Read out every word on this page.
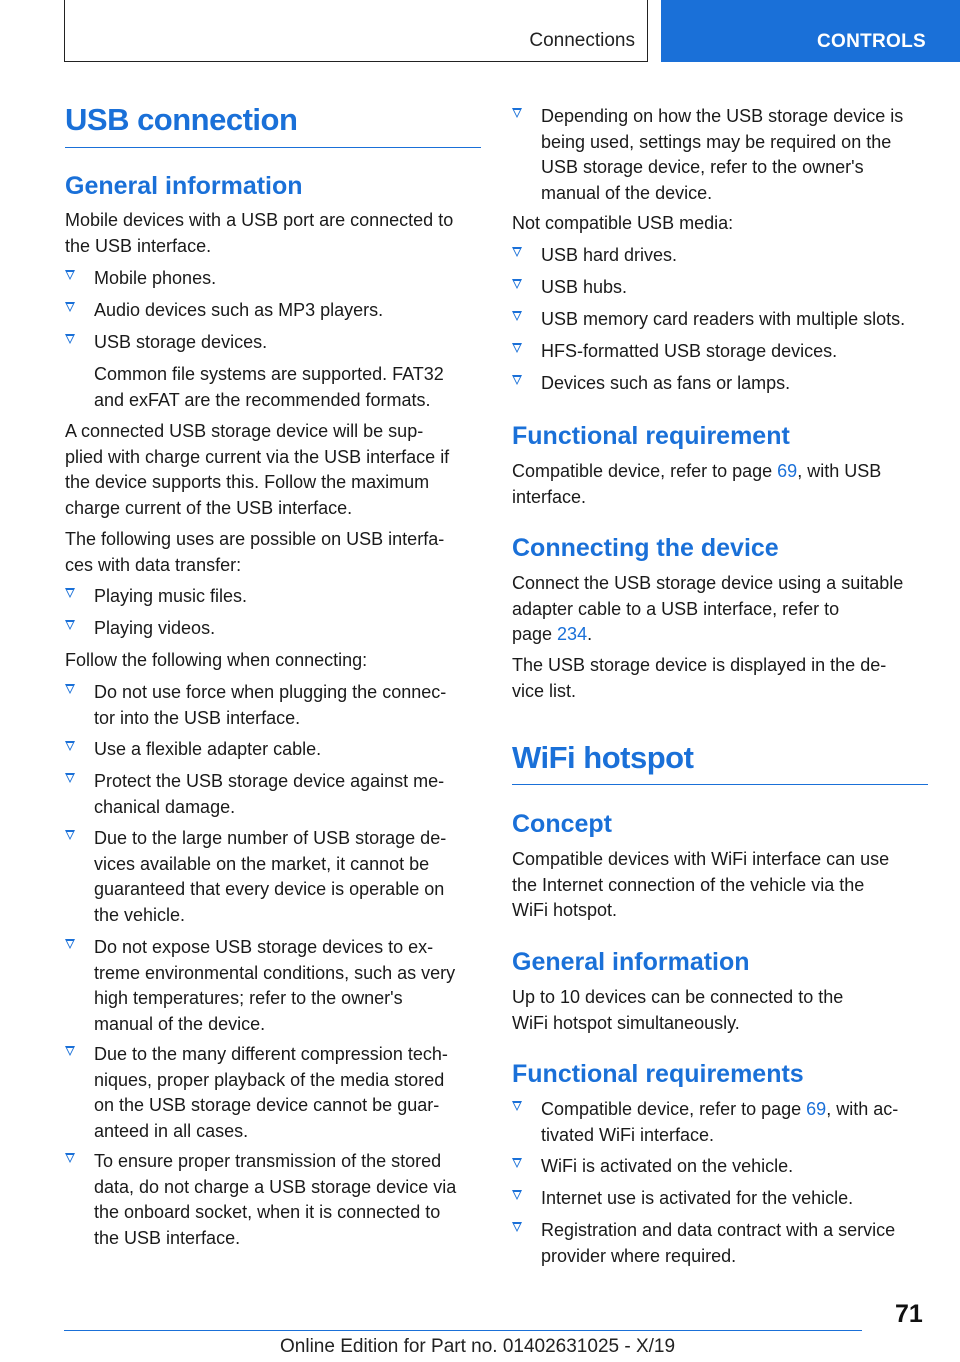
Connections	CONTROLS
USB connection
General information

Mobile devices with a USB port are connected to
the USB interface.

Mobile phones.
Audio devices such as MP3 players.
USB storage devices.
Common file systems are supported. FAT32
and exFAT are the recommended formats.

A connected USB storage device will be sup-
plied with charge current via the USB interface if
the device supports this. Follow the maximum
charge current of the USB interface.

The following uses are possible on USB interfa-
ces with data transfer:

Playing music files.
Playing videos.

Follow the following when connecting:

Do not use force when plugging the connec-
tor into the USB interface.
Use a flexible adapter cable.
Protect the USB storage device against me-
chanical damage.
Due to the large number of USB storage de-
vices available on the market, it cannot be
guaranteed that every device is operable on
the vehicle.
Do not expose USB storage devices to ex-
treme environmental conditions, such as very
high temperatures; refer to the owner's
manual of the device.
Due to the many different compression tech-
niques, proper playback of the media stored
on the USB storage device cannot be guar-
anteed in all cases.
To ensure proper transmission of the stored
data, do not charge a USB storage device via
the onboard socket, when it is connected to
the USB interface.
Depending on how the USB storage device is
being used, settings may be required on the
USB storage device, refer to the owner's
manual of the device.

Not compatible USB media:

USB hard drives.
USB hubs.
USB memory card readers with multiple slots.
HFS-formatted USB storage devices.
Devices such as fans or lamps.
Functional requirement

Compatible device, refer to page 69, with USB
interface.

Connecting the device

Connect the USB storage device using a suitable
adapter cable to a USB interface, refer to
page 234.

The USB storage device is displayed in the de-
vice list.

WiFi hotspot
Concept

Compatible devices with WiFi interface can use
the Internet connection of the vehicle via the
WiFi hotspot.

General information

Up to 10 devices can be connected to the
WiFi hotspot simultaneously.

Functional requirements
Compatible device, refer to page 69, with ac-
tivated WiFi interface.
WiFi is activated on the vehicle.
Internet use is activated for the vehicle.
Registration and data contract with a service
provider where required.
71
Online Edition for Part no. 01402631025 - X/19
